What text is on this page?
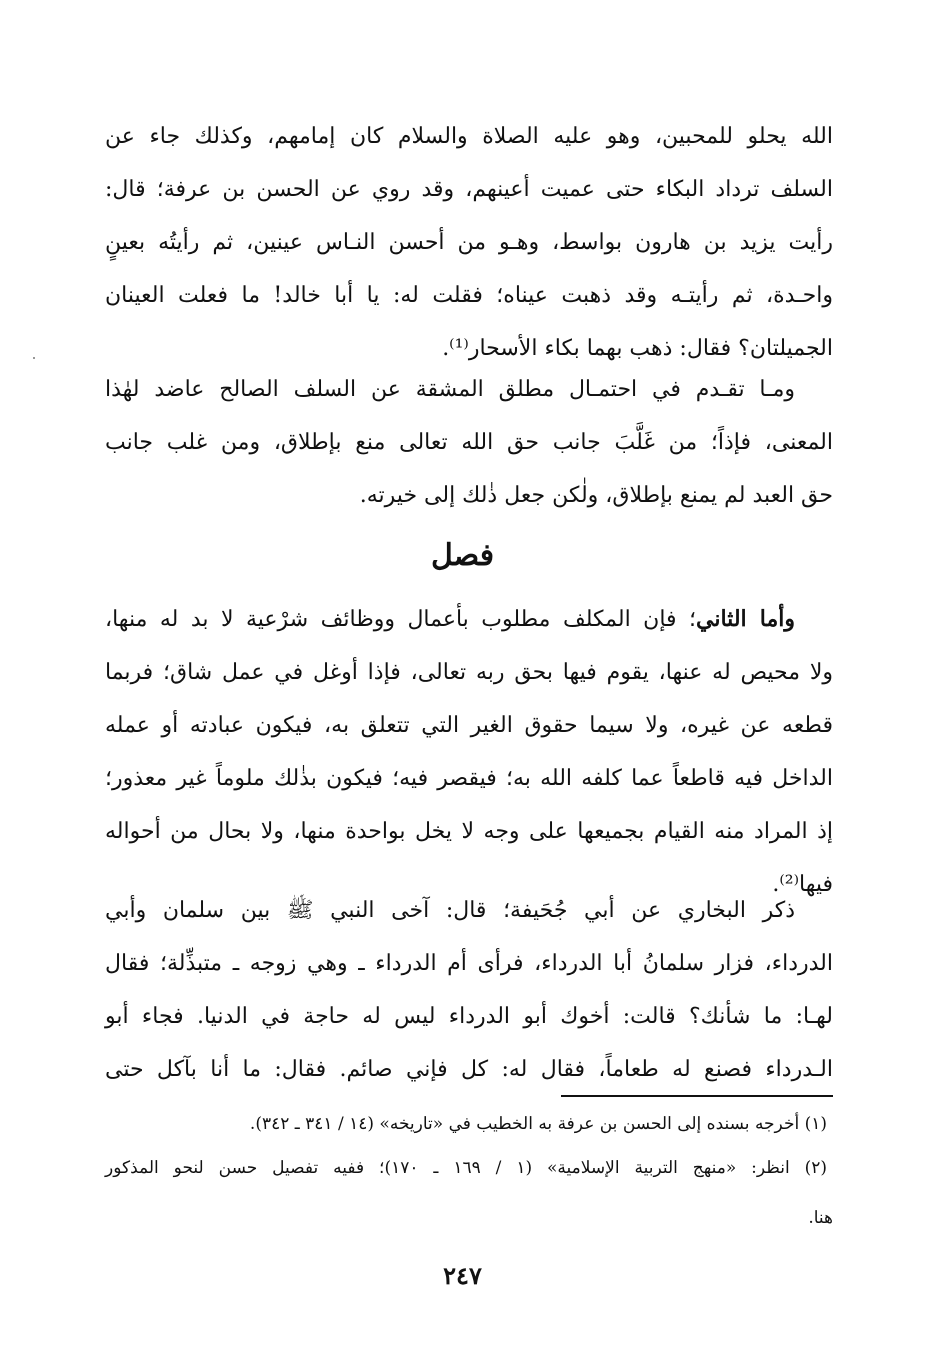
الله يحلو للمحبين، وهو عليه الصلاة والسلام كان إمامهم، وكذلك جاء عن
السلف ترداد البكاء حتى عميت أعينهم، وقد روي عن الحسن بن عرفة؛ قال:
رأيت يزيد بن هارون بواسط، وهـو من أحسن النـاس عينين، ثم رأيتُه بعينٍ
واحـدة، ثم رأيتـه وقد ذهبت عيناه؛ فقلت له: يا أبا خالد! ما فعلت العينان
الجميلتان؟ فقال: ذهب بهما بكاء الأسحار⁽¹⁾.
ومـا تقـدم في احتمـال مطلق المشقة عن السلف الصالح عاضد لهٰذا
المعنى، فإذاً؛ من غَلَّبَ جانب حق الله تعالى منع بإطلاق، ومن غلب جانب
حق العبد لم يمنع بإطلاق، ولٰكن جعل ذٰلك إلى خيرته.
فصل
وأما الثاني؛ فإن المكلف مطلوب بأعمال ووظائف شرْعية لا بد له منها،
ولا محيص له عنها، يقوم فيها بحق ربه تعالى، فإذا أوغل في عمل شاق؛ فربما
قطعه عن غيره، ولا سيما حقوق الغير التي تتعلق به، فيكون عبادته أو عمله
الداخل فيه قاطعاً عما كلفه الله به؛ فيقصر فيه؛ فيكون بذٰلك ملوماً غير معذور؛
إذ المراد منه القيام بجميعها على وجه لا يخل بواحدة منها، ولا بحال من أحواله
فيها⁽²⁾.
ذكر البخاري عن أبي جُحَيفة؛ قال: آخى النبي ﷺ بين سلمان وأبي
الدرداء، فزار سلمانُ أبا الدرداء، فرأى أم الدرداء ـ وهي زوجه ـ متبذِّلة؛ فقال
لهـا: ما شأنك؟ قالت: أخوك أبو الدرداء ليس له حاجة في الدنيا. فجاء أبو
الـدرداء فصنع له طعاماً، فقال له: كل فإني صائم. فقال: ما أنا بآكل حتى
(١) أخرجه بسنده إلى الحسن بن عرفة به الخطيب في «تاريخه» (١٤ / ٣٤١ ـ ٣٤٢).
(٢) انظر: «منهج التربية الإسلامية» (١ / ١٦٩ ـ ١٧٠)؛ ففيه تفصيل حسن لنحو المذكور
هنا.
٢٤٧
